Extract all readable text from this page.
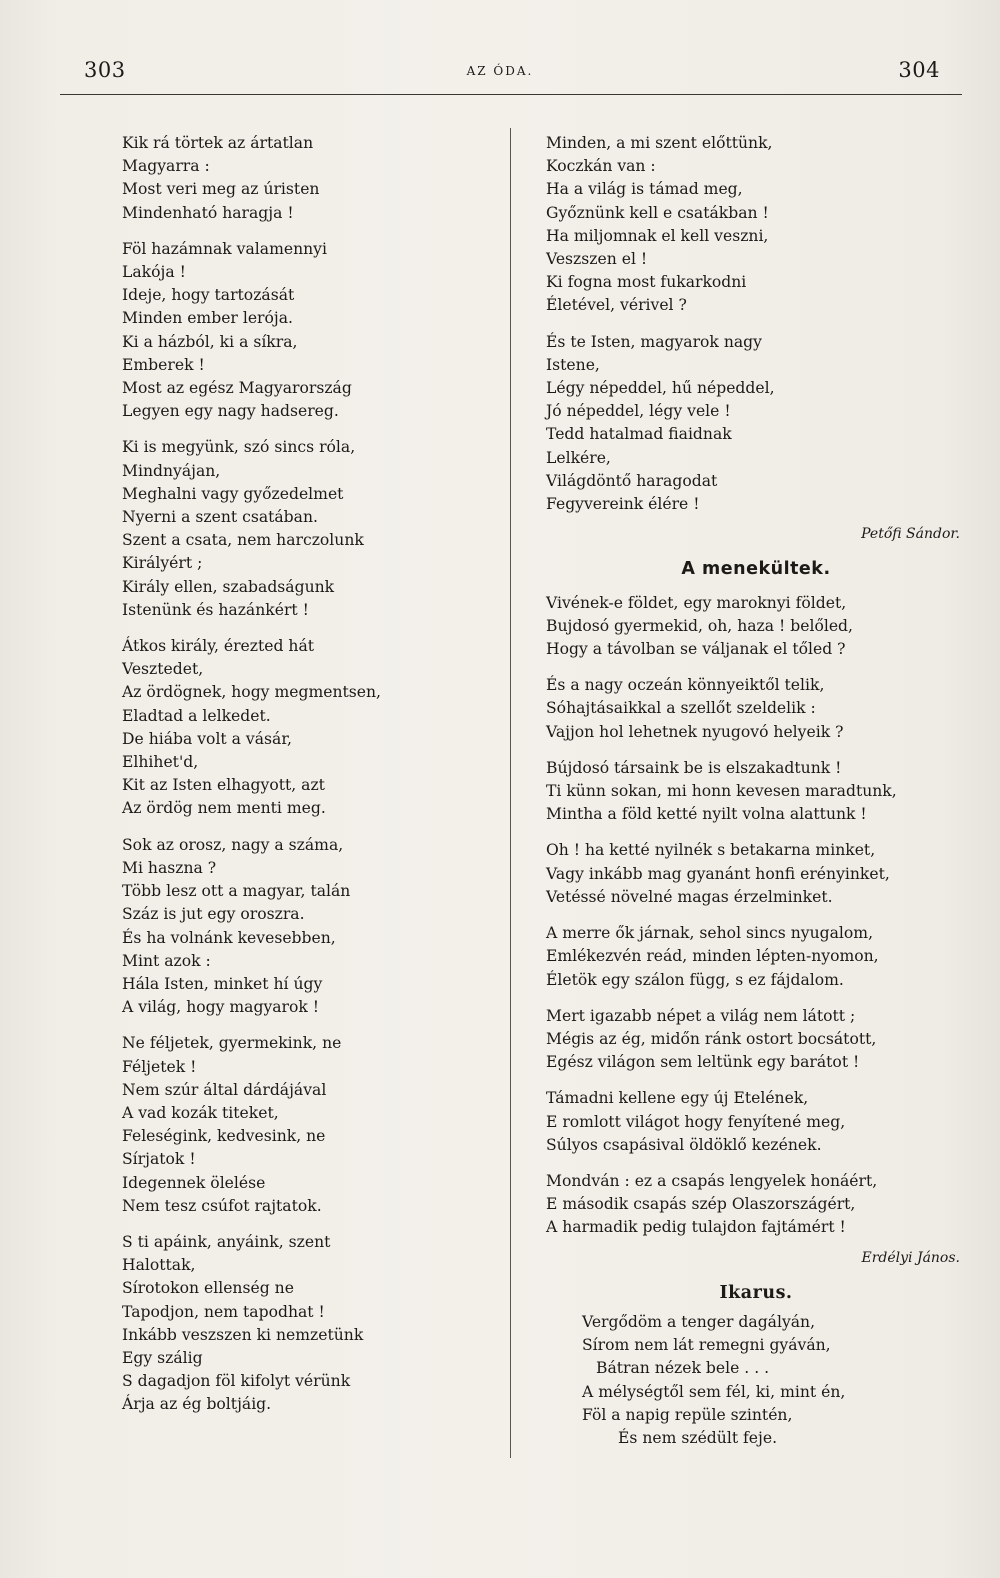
303	AZ ÓDA.	304
Kik rá törtek az ártatlan
Magyarra :
Most veri meg az úristen
Mindenható haragja !
Föl hazámnak valamennyi
Lakója !
Ideje, hogy tartozását
Minden ember lerója.
Ki a házból, ki a síkra,
Emberek !
Most az egész Magyarország
Legyen egy nagy hadsereg.
Ki is megyünk, szó sincs róla,
Mindnyájan,
Meghalni vagy győzedelmet
Nyerni a szent csatában.
Szent a csata, nem harczolunk
Királyért ;
Király ellen, szabadságunk
Istenünk és hazánkért !
Átkos király, érezted hát
Vesztedet,
Az ördögnek, hogy megmentsen,
Eladtad a lelkedet.
De hiába volt a vásár,
Elhihet'd,
Kit az Isten elhagyott, azt
Az ördög nem menti meg.
Sok az orosz, nagy a száma,
Mi haszna ?
Több lesz ott a magyar, talán
Száz is jut egy oroszra.
És ha volnánk kevesebben,
Mint azok :
Hála Isten, minket hí úgy
A világ, hogy magyarok !
Ne féljetek, gyermekink, ne
Féljetek !
Nem szúr által dárdájával
A vad kozák titeket,
Feleségink, kedvesink, ne
Sírjatok !
Idegennek ölelése
Nem tesz csúfot rajtatok.
S ti apáink, anyáink, szent
Halottak,
Sírotokon ellenség ne
Tapodjon, nem tapodhat !
Inkább veszszen ki nemzetünk
Egy szálig
S dagadjon föl kifolyt vérünk
Árja az ég boltjáig.
Minden, a mi szent előttünk,
Koczkán van :
Ha a világ is támad meg,
Győznünk kell e csatákban !
Ha miljomnak el kell veszni,
Veszszen el !
Ki fogna most fukarkodni
Életével, vérivel ?
És te Isten, magyarok nagy
Istene,
Légy népeddel, hű népeddel,
Jó népeddel, légy vele !
Tedd hatalmad fiaidnak
Lelkére,
Világdöntő haragodat
Fegyvereink élére !
Petőfi Sándor.
A menekültek.
Vivének-e földet, egy maroknyi földet,
Bujdosó gyermekid, oh, haza ! belőled,
Hogy a távolban se váljanak el tőled ?
És a nagy oczeán könnyeiktől telik,
Sóhajtásaikkal a szellőt szeldelik :
Vajjon hol lehetnek nyugovó helyeik ?
Bújdosó társaink be is elszakadtunk !
Ti künn sokan, mi honn kevesen maradtunk,
Mintha a föld ketté nyilt volna alattunk !
Oh ! ha ketté nyilnék s betakarna minket,
Vagy inkább mag gyanánt honfi erényinket,
Vetéssé növelné magas érzelminket.
A merre ők járnak, sehol sincs nyugalom,
Emlékezvén reád, minden lépten-nyomon,
Életök egy szálon függ, s ez fájdalom.
Mert igazabb népet a világ nem látott ;
Mégis az ég, midőn ránk ostort bocsátott,
Egész világon sem leltünk egy barátot !
Támadni kellene egy új Etelének,
E romlott világot hogy fenyítené meg,
Súlyos csapásival öldöklő kezének.
Mondván : ez a csapás lengyelek honáért,
E második csapás szép Olaszországért,
A harmadik pedig tulajdon fajtámért !
Erdélyi János.
Ikarus.
Vergődöm a tenger dagályán,
Sírom nem lát remegni gyáván,
Bátran nézek bele . . .
A mélységtől sem fél, ki, mint én,
Föl a napig repüle szintén,
És nem szédült feje.
